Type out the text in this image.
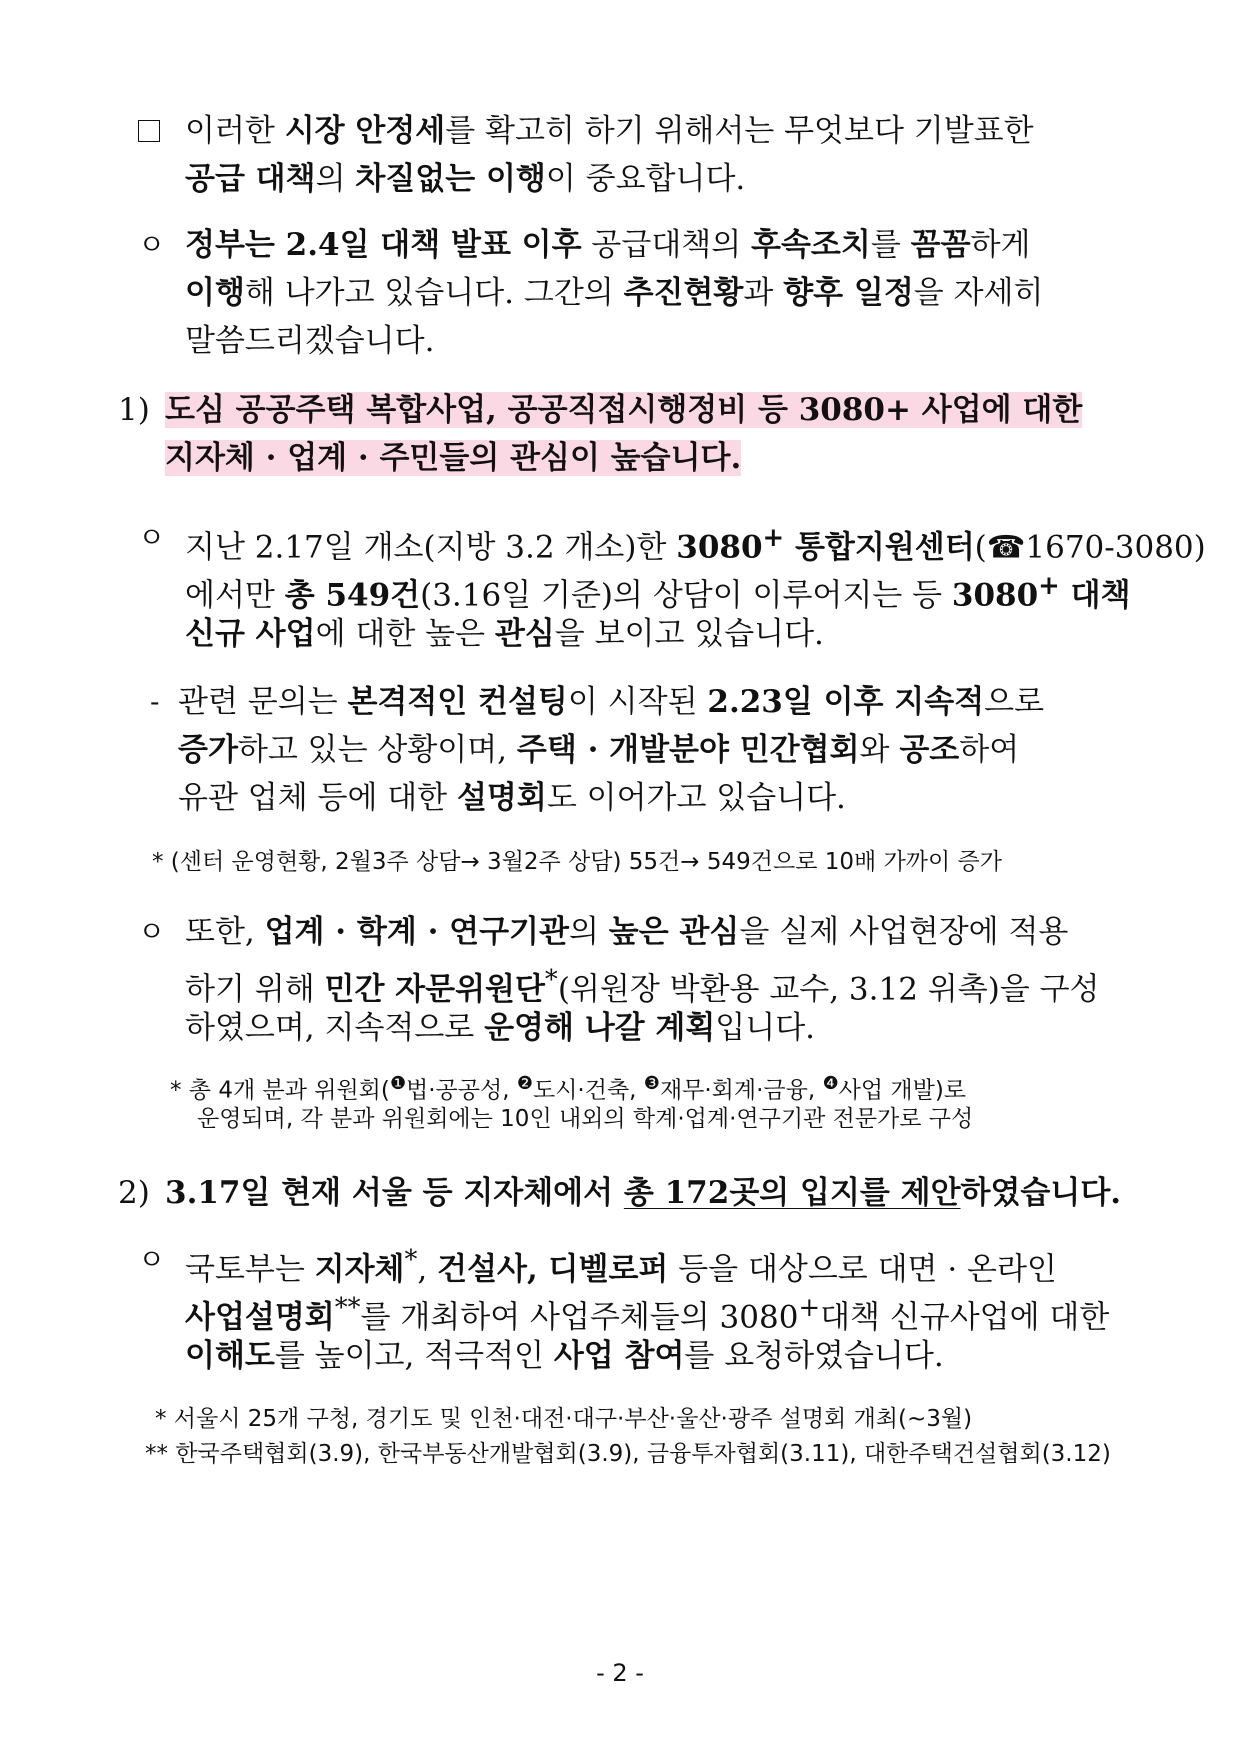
이러한 시장 안정세를 확고히 하기 위해서는 무엇보다 기발표한
공급 대책의 차질없는 이행이 중요합니다.
ㅇ 정부는 2.4일 대책 발표 이후 공급대책의 후속조치를 꼼꼼하게
이행해 나가고 있습니다. 그간의 추진현황과 향후 일정을 자세히
말씀드리겠습니다.
1) 도심 공공주택 복합사업, 공공직접시행정비 등 3080+ 사업에 대한
지자체 · 업계 · 주민들의 관심이 높습니다.
ㅇ 지난 2.17일 개소(지방 3.2 개소)한 3080+ 통합지원센터(☎1670-3080)
에서만 총 549건(3.16일 기준)의 상담이 이루어지는 등 3080+ 대책
신규 사업에 대한 높은 관심을 보이고 있습니다.
- 관련 문의는 본격적인 컨설팅이 시작된 2.23일 이후 지속적으로
증가하고 있는 상황이며, 주택 · 개발분야 민간협회와 공조하여
유관 업체 등에 대한 설명회도 이어가고 있습니다.
* (센터 운영현황, 2월3주 상담→ 3월2주 상담) 55건→ 549건으로 10배 가까이 증가
ㅇ 또한, 업계 · 학계 · 연구기관의 높은 관심을 실제 사업현장에 적용
하기 위해 민간 자문위원단*(위원장 박환용 교수, 3.12 위촉)을 구성
하였으며, 지속적으로 운영해 나갈 계획입니다.
* 총 4개 분과 위원회($^❶$법·공공성, $^❷$도시·건축, $^❸$재무·회계·금융, $^❹$사업 개발)로
운영되며, 각 분과 위원회에는 10인 내외의 학계·업계·연구기관 전문가로 구성
2) 3.17일 현재 서울 등 지자체에서 총 172곳의 입지를 제안하였습니다.
ㅇ 국토부는 지자체*, 건설사, 디벨로퍼 등을 대상으로 대면 · 온라인
사업설명회**를 개최하여 사업주체들의 3080+대책 신규사업에 대한
이해도를 높이고, 적극적인 사업 참여를 요청하였습니다.
* 서울시 25개 구청, 경기도 및 인천·대전·대구·부산·울산·광주 설명회 개최(~3월)
** 한국주택협회(3.9), 한국부동산개발협회(3.9), 금융투자협회(3.11), 대한주택건설협회(3.12)
- 2 -
